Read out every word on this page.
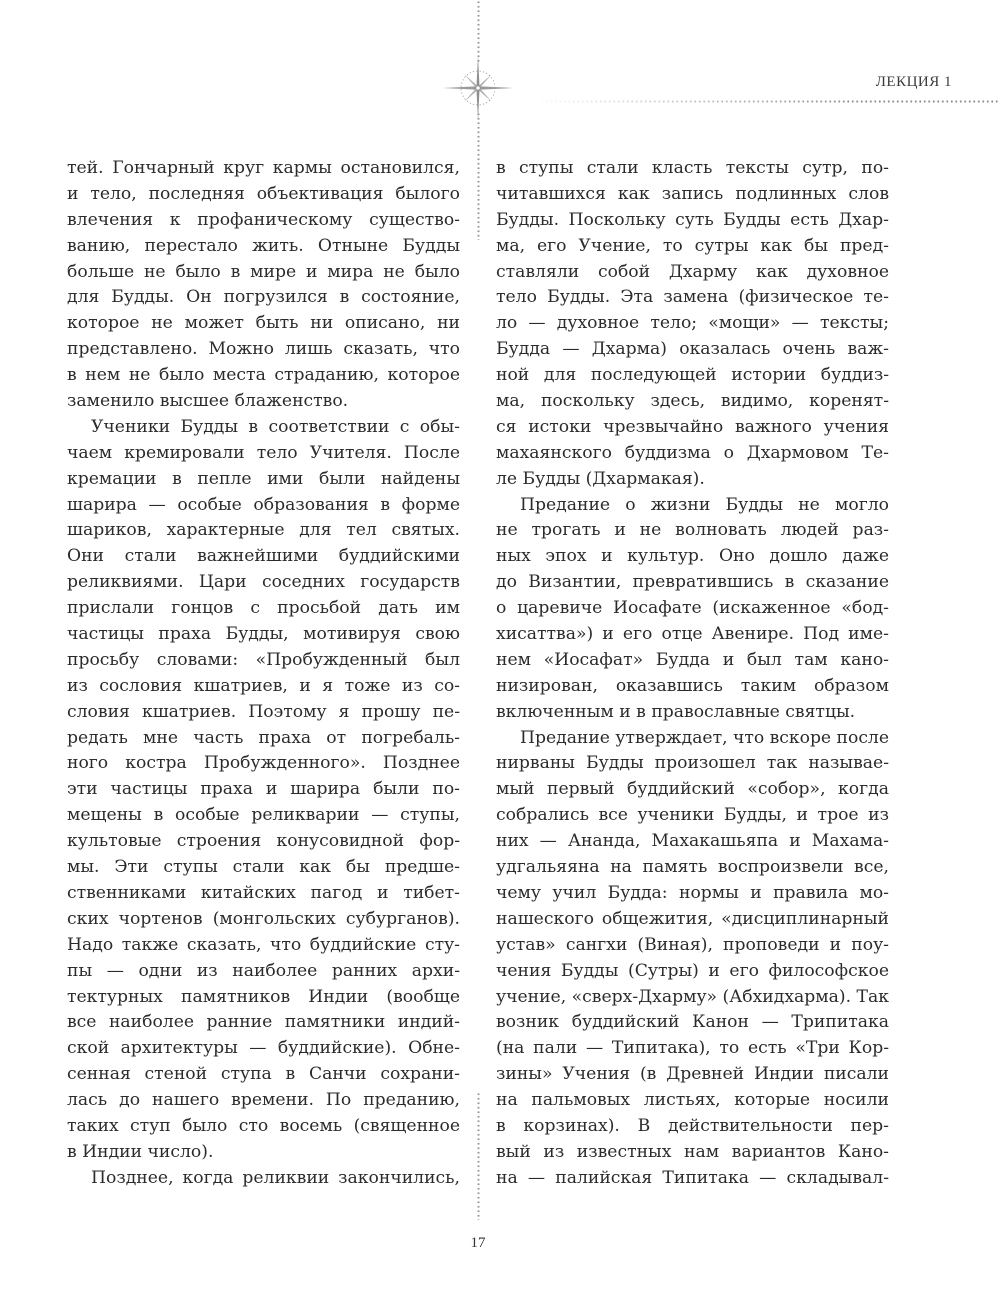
ЛЕКЦИЯ 1
тей. Гончарный круг кармы остановился,
и тело, последняя объективация былого
влечения к профаническому существо-
ванию, перестало жить. Отныне Будды
больше не было в мире и мира не было
для Будды. Он погрузился в состояние,
которое не может быть ни описано, ни
представлено. Можно лишь сказать, что
в нем не было места страданию, которое
заменило высшее блаженство.
Ученики Будды в соответствии с обы-
чаем кремировали тело Учителя. После
кремации в пепле ими были найдены
шарира — особые образования в форме
шариков, характерные для тел святых.
Они стали важнейшими буддийскими
реликвиями. Цари соседних государств
прислали гонцов с просьбой дать им
частицы праха Будды, мотивируя свою
просьбу словами: «Пробужденный был
из сословия кшатриев, и я тоже из со-
словия кшатриев. Поэтому я прошу пе-
редать мне часть праха от погребаль-
ного костра Пробужденного». Позднее
эти частицы праха и шарира были по-
мещены в особые реликварии — ступы,
культовые строения конусовидной фор-
мы. Эти ступы стали как бы предше-
ственниками китайских пагод и тибет-
ских чортенов (монгольских субурганов).
Надо также сказать, что буддийские сту-
пы — одни из наиболее ранних архи-
тектурных памятников Индии (вообще
все наиболее ранние памятники индий-
ской архитектуры — буддийские). Обне-
сенная стеной ступа в Санчи сохрани-
лась до нашего времени. По преданию,
таких ступ было сто восемь (священное
в Индии число).
Позднее, когда реликвии закончились,
в ступы стали класть тексты сутр, по-
читавшихся как запись подлинных слов
Будды. Поскольку суть Будды есть Дхар-
ма, его Учение, то сутры как бы пред-
ставляли собой Дхарму как духовное
тело Будды. Эта замена (физическое те-
ло — духовное тело; «мощи» — тексты;
Будда — Дхарма) оказалась очень важ-
ной для последующей истории буддиз-
ма, поскольку здесь, видимо, коренят-
ся истоки чрезвычайно важного учения
махаянского буддизма о Дхармовом Те-
ле Будды (Дхармакая).
Предание о жизни Будды не могло
не трогать и не волновать людей раз-
ных эпох и культур. Оно дошло даже
до Византии, превратившись в сказание
о царевиче Иосафате (искаженное «бод-
хисаттва») и его отце Авенире. Под име-
нем «Иосафат» Будда и был там кано-
низирован, оказавшись таким образом
включенным и в православные святцы.
Предание утверждает, что вскоре после
нирваны Будды произошел так называе-
мый первый буддийский «собор», когда
собрались все ученики Будды, и трое из
них — Ананда, Махакашьяпа и Махама-
удгальяяна на память воспроизвели все,
чему учил Будда: нормы и правила мо-
нашеского общежития, «дисциплинарный
устав» сангхи (Виная), проповеди и поу-
чения Будды (Сутры) и его философское
учение, «сверх-Дхарму» (Абхидхарма). Так
возник буддийский Канон — Трипитака
(на пали — Типитака), то есть «Три Кор-
зины» Учения (в Древней Индии писали
на пальмовых листьях, которые носили
в корзинах). В действительности пер-
вый из известных нам вариантов Кано-
на — палийская Типитака — складывал-
17
